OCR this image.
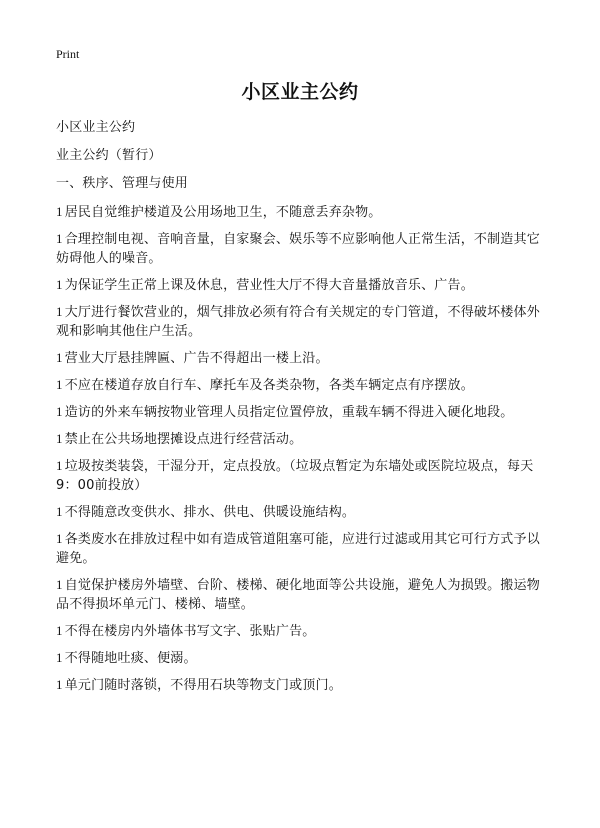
Print
小区业主公约
小区业主公约
业主公约（暂行）
一、秩序、管理与使用
1 居民自觉维护楼道及公用场地卫生，不随意丢弃杂物。
1 合理控制电视、音响音量，自家聚会、娱乐等不应影响他人正常生活，不制造其它妨碍他人的噪音。
1 为保证学生正常上课及休息，营业性大厅不得大音量播放音乐、广告。
1 大厅进行餐饮营业的，烟气排放必须有符合有关规定的专门管道，不得破坏楼体外观和影响其他住户生活。
1 营业大厅悬挂牌匾、广告不得超出一楼上沿。
1 不应在楼道存放自行车、摩托车及各类杂物，各类车辆定点有序摆放。
1 造访的外来车辆按物业管理人员指定位置停放，重载车辆不得进入硬化地段。
1 禁止在公共场地摆摊设点进行经营活动。
1 垃圾按类装袋，干湿分开，定点投放。（垃圾点暂定为东墙处或医院垃圾点，每天9：00前投放）
1 不得随意改变供水、排水、供电、供暖设施结构。
1 各类废水在排放过程中如有造成管道阻塞可能，应进行过滤或用其它可行方式予以避免。
1 自觉保护楼房外墙壁、台阶、楼梯、硬化地面等公共设施，避免人为损毁。搬运物品不得损坏单元门、楼梯、墙壁。
1 不得在楼房内外墙体书写文字、张贴广告。
1 不得随地吐痰、便溺。
1 单元门随时落锁，不得用石块等物支门或顶门。
